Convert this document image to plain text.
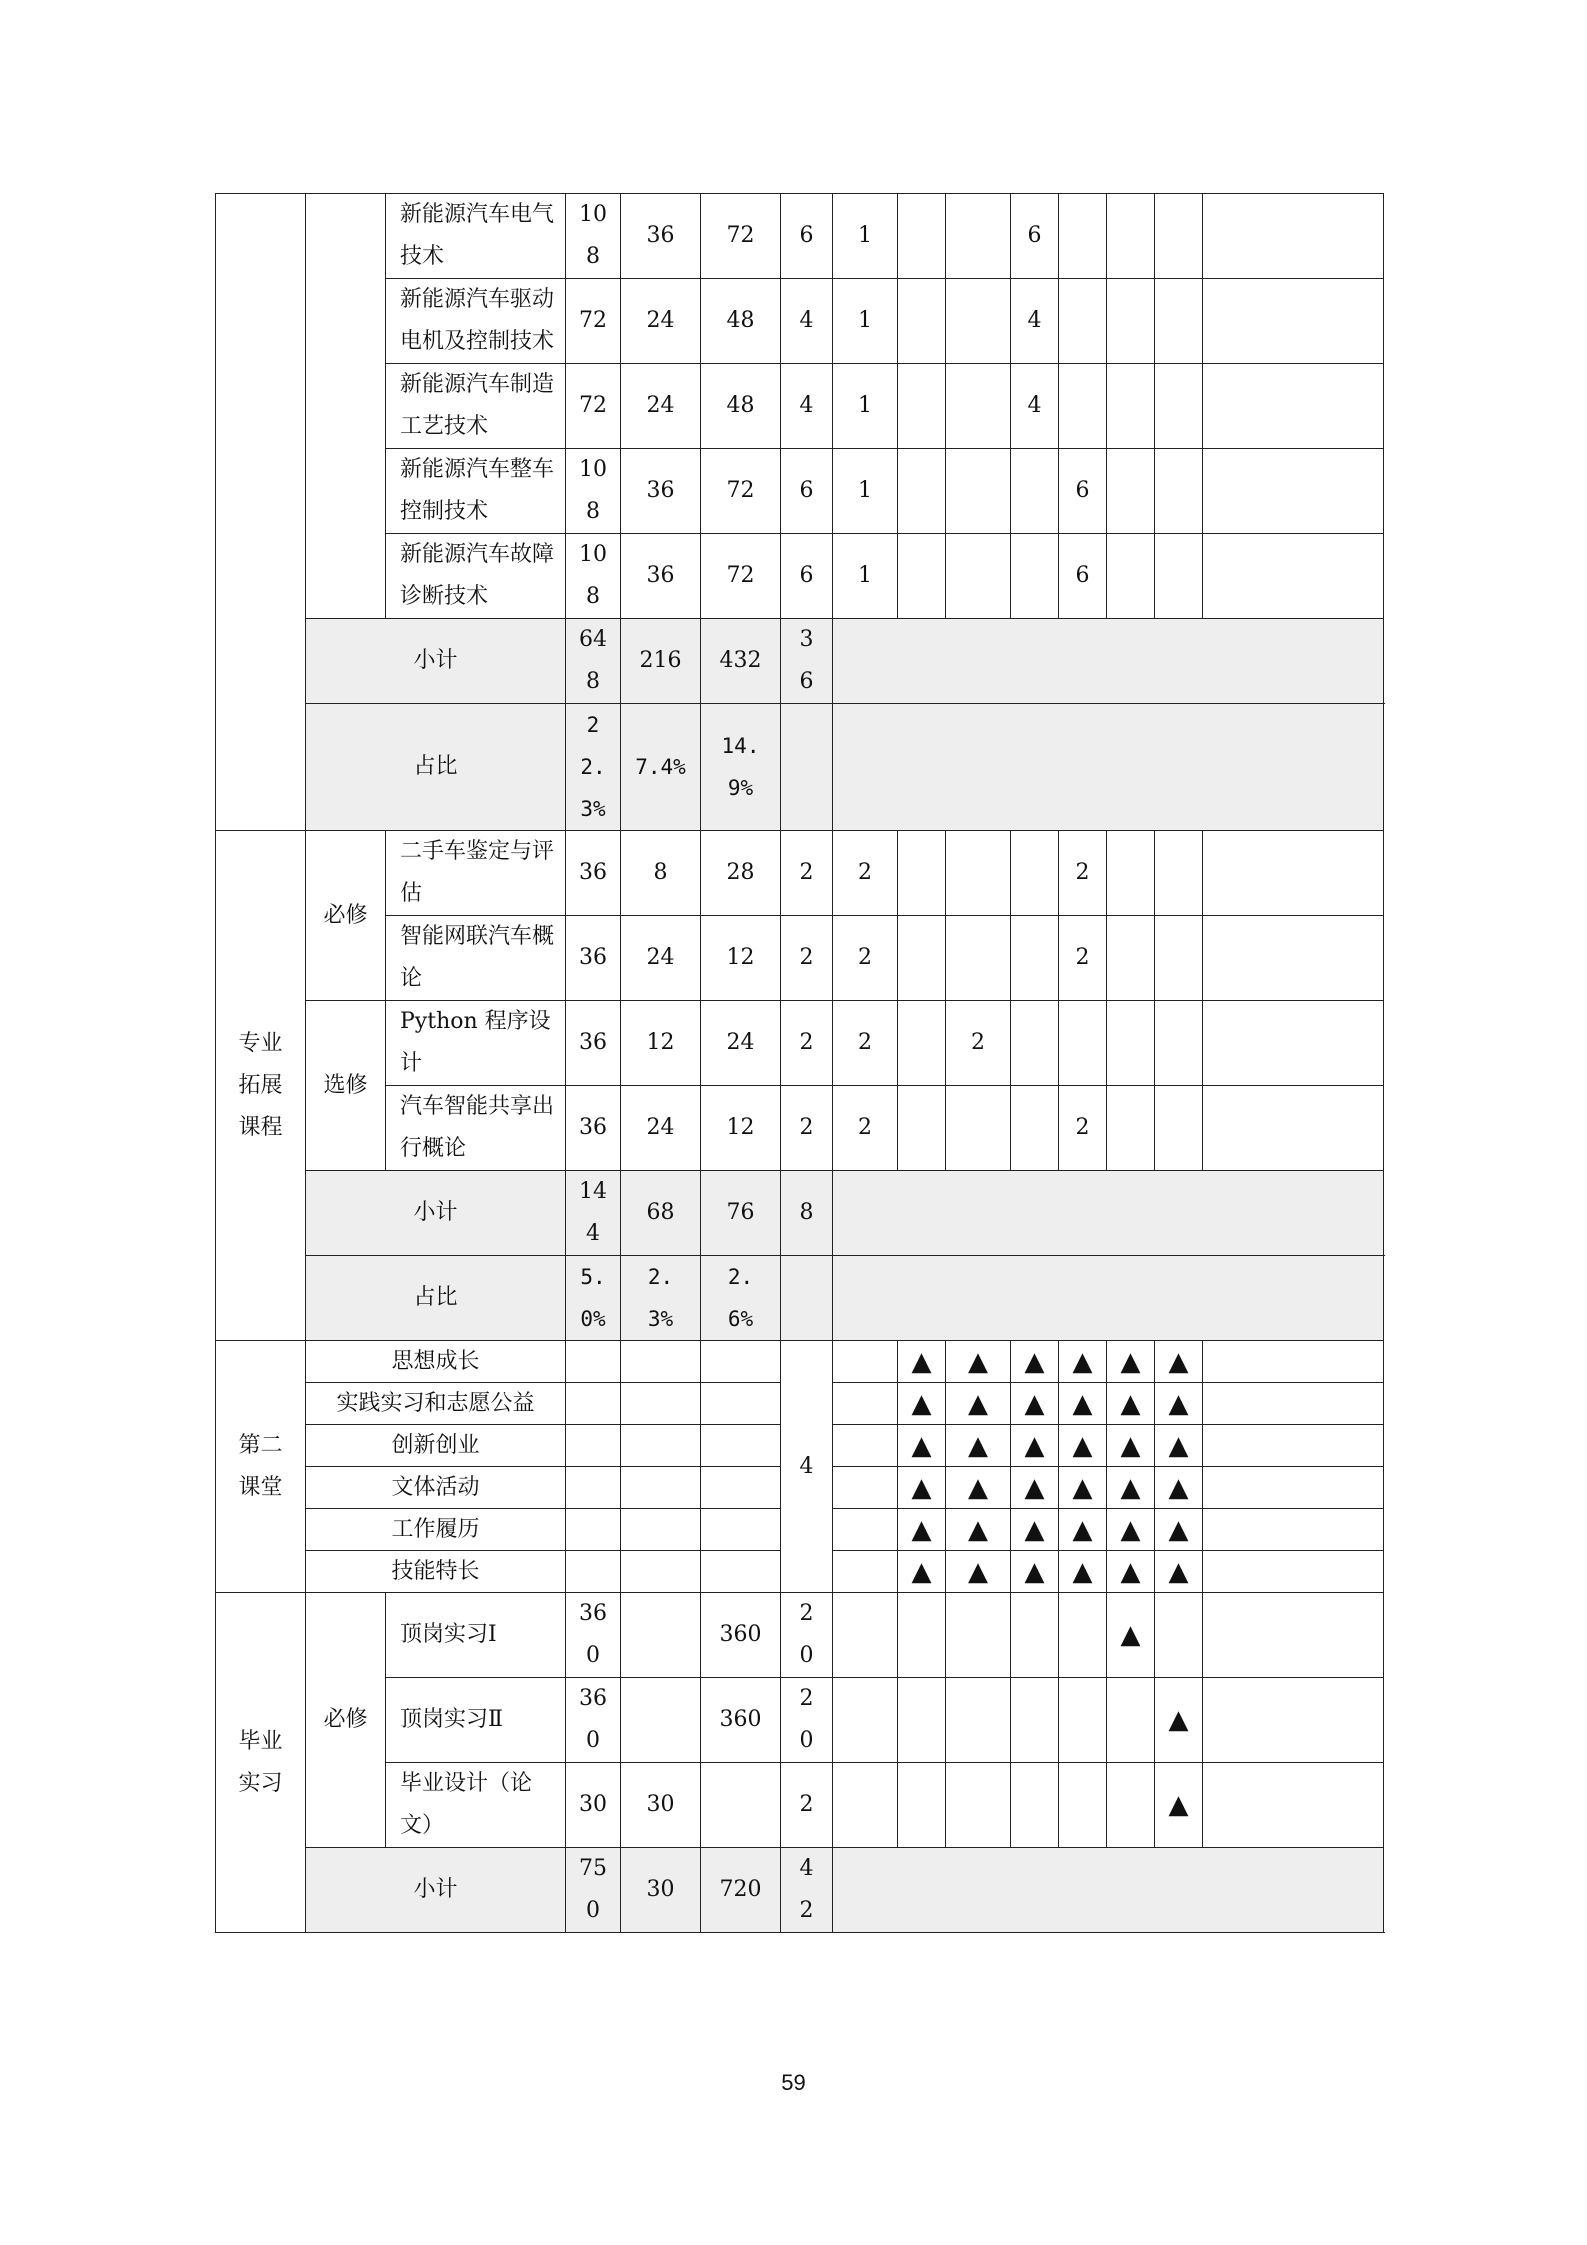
		新能源汽车电气技术	108	36	72	6	1			6				
		新能源汽车驱动电机及控制技术	72	24	48	4	1			4				
		新能源汽车制造工艺技术	72	24	48	4	1			4				
		新能源汽车整车控制技术	108	36	72	6	1				6			
		新能源汽车故障诊断技术	108	36	72	6	1				6			
	小计		648	216	432	36								
	占比		22.3%	7.4%	14.9%									
专业拓展课程	必修	二手车鉴定与评估	36	8	28	2	2				2			
		智能网联汽车概论	36	24	12	2	2				2			
	选修	Python 程序设计	36	12	24	2	2		2					
		汽车智能共享出行概论	36	24	12	2	2				2			
	小计		144	68	76	8								
	占比		5.0%	2.3%	2.6%									
第二课堂	思想成长					4		▲	▲	▲	▲	▲	▲	
	实践实习和志愿公益							▲	▲	▲	▲	▲	▲	
	创新创业							▲	▲	▲	▲	▲	▲	
	文体活动							▲	▲	▲	▲	▲	▲	
	工作履历							▲	▲	▲	▲	▲	▲	
	技能特长							▲	▲	▲	▲	▲	▲	
毕业实习	必修	顶岗实习Ⅰ	360		360	20						▲		
		顶岗实习Ⅱ	360		360	20							▲	
		毕业设计（论文）	30	30		2							▲	
	小计		750	30	720	42								
59
